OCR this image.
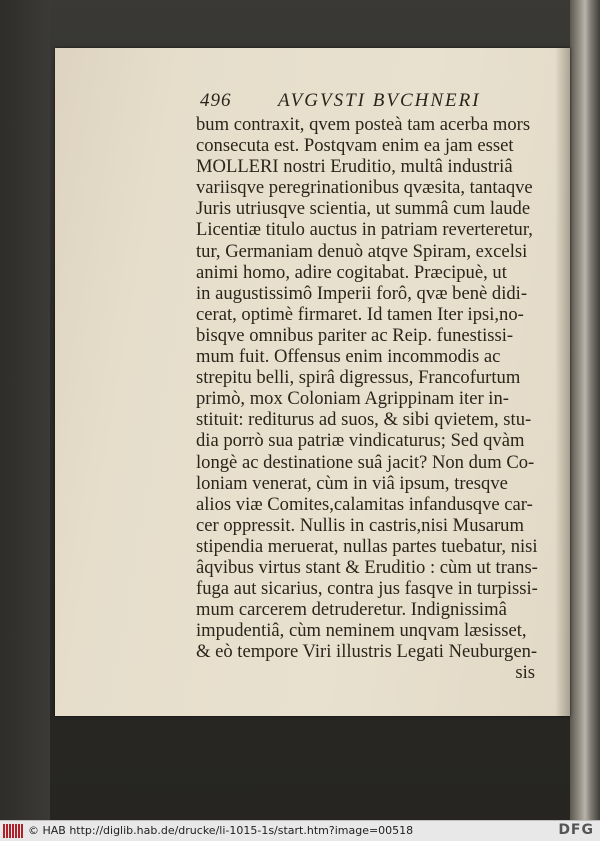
496 AVGVSTI BVCHNERI
bum contraxit, qvem posteà tam acerba mors
consecuta est. Postqvam enim ea jam esset
MOLLERI nostri Eruditio, multâ industriâ
variisqve peregrinationibus qvæsita, tantaqve
Juris utriusqve scientia, ut summâ cum laude
Licentiæ titulo auctus in patriam reverteretur,
tur, Germaniam denuò atqve Spiram, excelsi
animi homo, adire cogitabat. Præcipuè, ut
in augustissimô Imperii forô, qvæ benè didi-
cerat, optimè firmaret. Id tamen Iter ipsi,no-
bisqve omnibus pariter ac Reip. funestissi-
mum fuit. Offensus enim incommodis ac
strepitu belli, spirâ digressus, Francofurtum
primò, mox Coloniam Agrippinam iter in-
stituit: rediturus ad suos, & sibi qvietem, stu-
dia porrò sua patriæ vindicaturus; Sed qvàm
longè ac destinatione suâ jacit? Non dum Co-
loniam venerat, cùm in viâ ipsum, tresqve
alios viæ Comites,calamitas infandusqve car-
cer oppressit. Nullis in castris,nisi Musarum
stipendia meruerat, nullas partes tuebatur, nisi
âqvibus virtus stant & Eruditio : cùm ut trans-
fuga aut sicarius, contra jus fasqve in turpissi-
mum carcerem detruderetur. Indignissimâ
impudentiâ, cùm neminem unqvam læsisset,
& eò tempore Viri illustris Legati Neuburgen-
sis
© HAB http://diglib.hab.de/drucke/li-1015-1s/start.htm?image=00518	DFG
